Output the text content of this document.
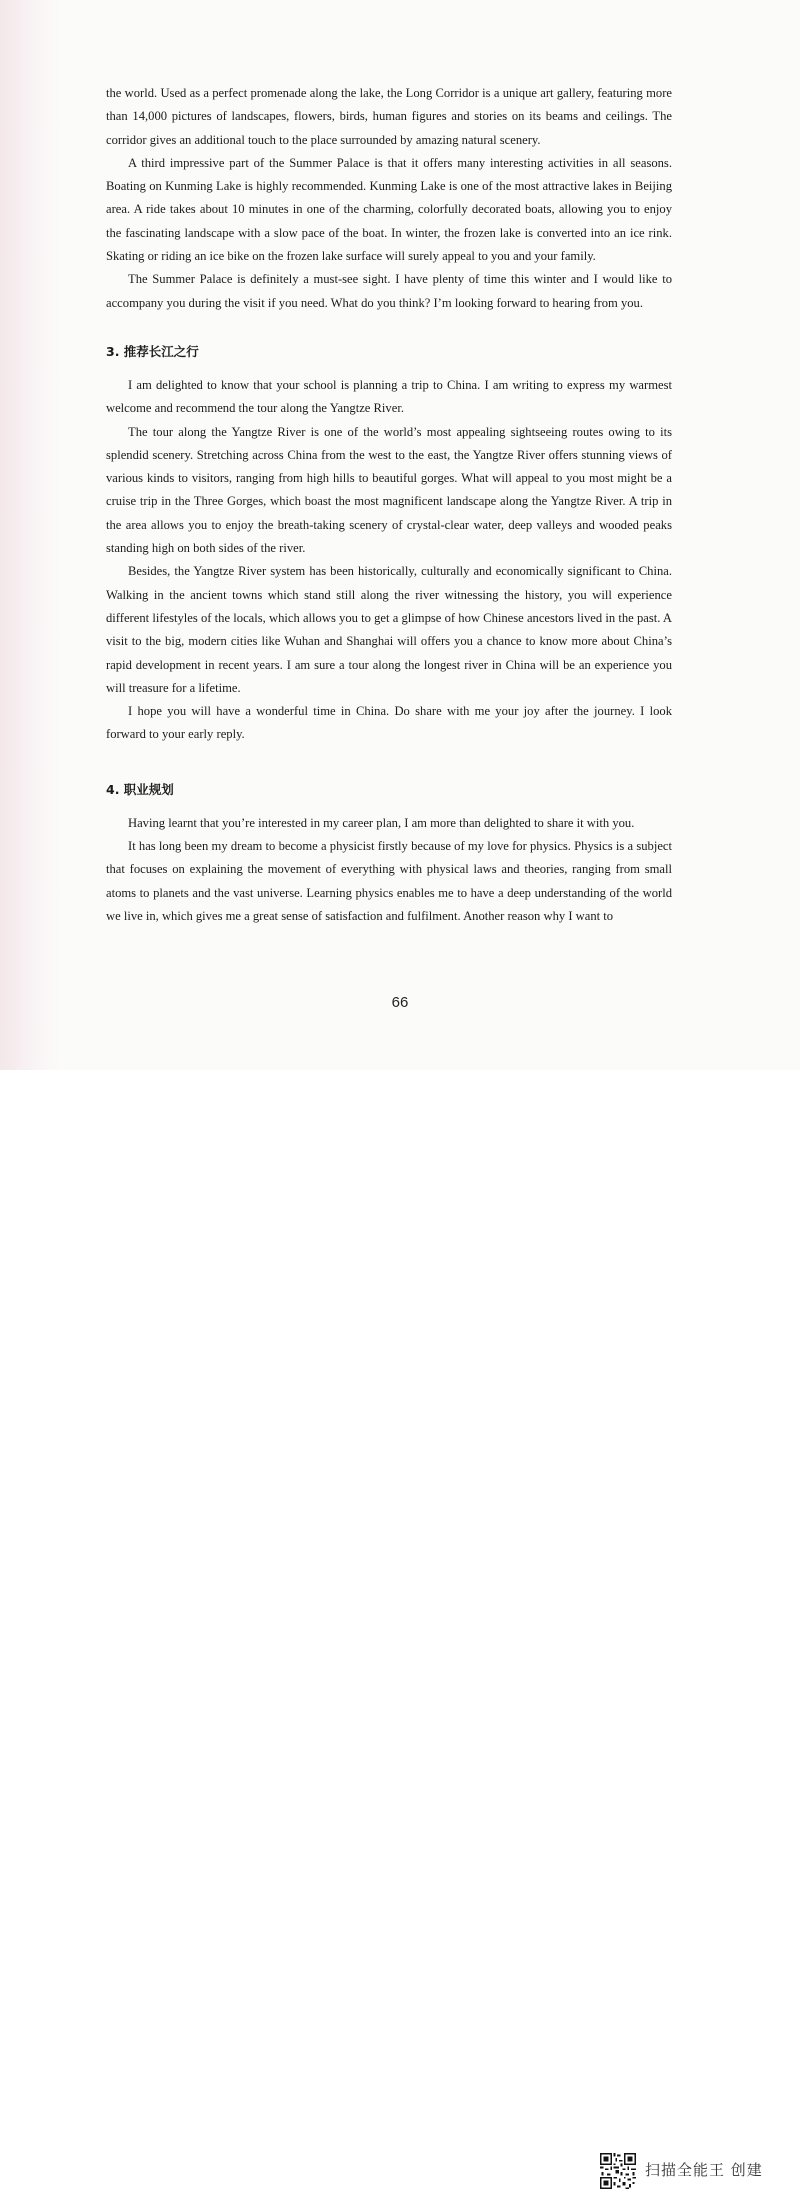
the world. Used as a perfect promenade along the lake, the Long Corridor is a unique art gallery, featuring more than 14,000 pictures of landscapes, flowers, birds, human figures and stories on its beams and ceilings. The corridor gives an additional touch to the place surrounded by amazing natural scenery.

A third impressive part of the Summer Palace is that it offers many interesting activities in all seasons. Boating on Kunming Lake is highly recommended. Kunming Lake is one of the most attractive lakes in Beijing area. A ride takes about 10 minutes in one of the charming, colorfully decorated boats, allowing you to enjoy the fascinating landscape with a slow pace of the boat. In winter, the frozen lake is converted into an ice rink. Skating or riding an ice bike on the frozen lake surface will surely appeal to you and your family.

The Summer Palace is definitely a must-see sight. I have plenty of time this winter and I would like to accompany you during the visit if you need. What do you think? I’m looking forward to hearing from you.

3. 推荐长江之行

I am delighted to know that your school is planning a trip to China. I am writing to express my warmest welcome and recommend the tour along the Yangtze River.

The tour along the Yangtze River is one of the world’s most appealing sightseeing routes owing to its splendid scenery. Stretching across China from the west to the east, the Yangtze River offers stunning views of various kinds to visitors, ranging from high hills to beautiful gorges. What will appeal to you most might be a cruise trip in the Three Gorges, which boast the most magnificent landscape along the Yangtze River. A trip in the area allows you to enjoy the breath-taking scenery of crystal-clear water, deep valleys and wooded peaks standing high on both sides of the river.

Besides, the Yangtze River system has been historically, culturally and economically significant to China. Walking in the ancient towns which stand still along the river witnessing the history, you will experience different lifestyles of the locals, which allows you to get a glimpse of how Chinese ancestors lived in the past. A visit to the big, modern cities like Wuhan and Shanghai will offers you a chance to know more about China’s rapid development in recent years. I am sure a tour along the longest river in China will be an experience you will treasure for a lifetime.

I hope you will have a wonderful time in China. Do share with me your joy after the journey. I look forward to your early reply.

4. 职业规划

Having learnt that you’re interested in my career plan, I am more than delighted to share it with you.

It has long been my dream to become a physicist firstly because of my love for physics. Physics is a subject that focuses on explaining the movement of everything with physical laws and theories, ranging from small atoms to planets and the vast universe. Learning physics enables me to have a deep understanding of the world we live in, which gives me a great sense of satisfaction and fulfilment. Another reason why I want to

66
扫描全能王 创建
